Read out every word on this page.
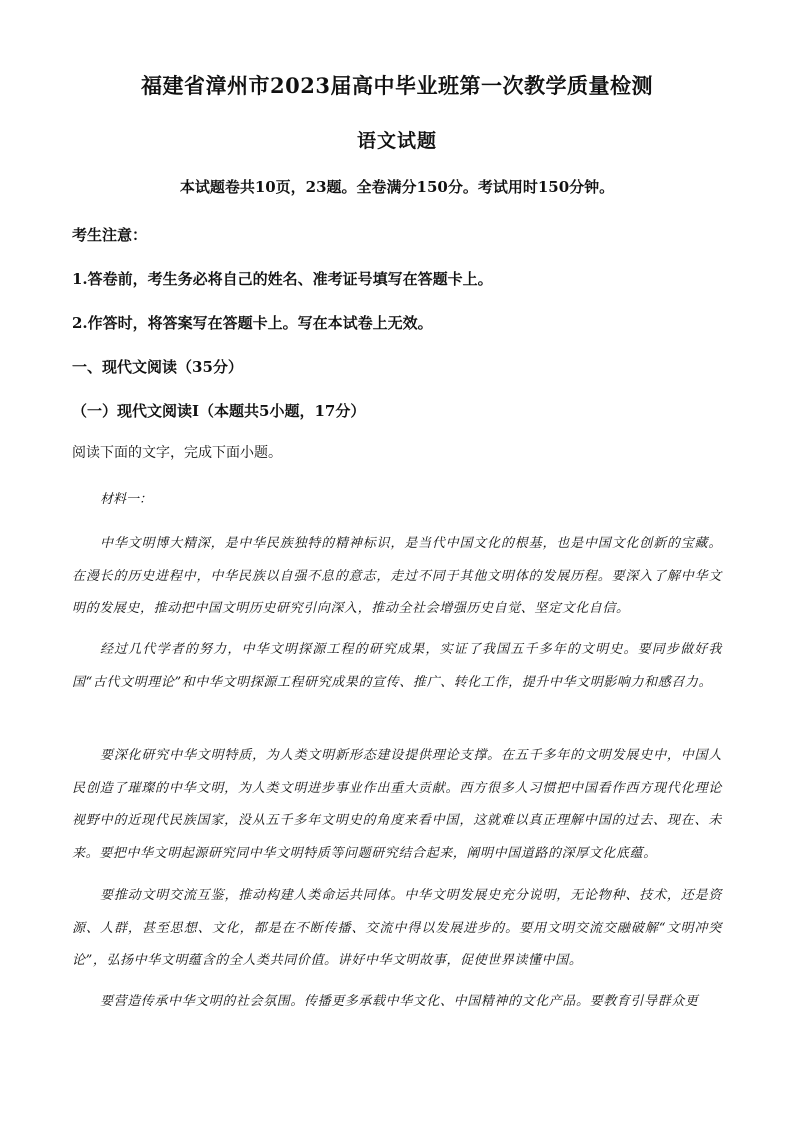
福建省漳州市2023届高中毕业班第一次教学质量检测
语文试题
本试题卷共10页，23题。全卷满分150分。考试用时150分钟。
考生注意：
1.答卷前，考生务必将自己的姓名、准考证号填写在答题卡上。
2.作答时，将答案写在答题卡上。写在本试卷上无效。
一、现代文阅读（35分）
（一）现代文阅读Ⅰ（本题共5小题，17分）
阅读下面的文字，完成下面小题。
材料一：
中华文明博大精深，是中华民族独特的精神标识，是当代中国文化的根基，也是中国文化创新的宝藏。在漫长的历史进程中，中华民族以自强不息的意志，走过不同于其他文明体的发展历程。要深入了解中华文明的发展史，推动把中国文明历史研究引向深入，推动全社会增强历史自觉、坚定文化自信。
经过几代学者的努力，中华文明探源工程的研究成果，实证了我国五千多年的文明史。要同步做好我国“古代文明理论”和中华文明探源工程研究成果的宣传、推广、转化工作，提升中华文明影响力和感召力。
要深化研究中华文明特质，为人类文明新形态建设提供理论支撑。在五千多年的文明发展史中，中国人民创造了璀璨的中华文明，为人类文明进步事业作出重大贡献。西方很多人习惯把中国看作西方现代化理论视野中的近现代民族国家，没从五千多年文明史的角度来看中国，这就难以真正理解中国的过去、现在、未来。要把中华文明起源研究同中华文明特质等问题研究结合起来，阐明中国道路的深厚文化底蕴。
要推动文明交流互鉴，推动构建人类命运共同体。中华文明发展史充分说明，无论物种、技术，还是资源、人群，甚至思想、文化，都是在不断传播、交流中得以发展进步的。要用文明交流交融破解“文明冲突论”，弘扬中华文明蕴含的全人类共同价值。讲好中华文明故事，促使世界读懂中国。
要营造传承中华文明的社会氛围。传播更多承载中华文化、中国精神的文化产品。要教育引导群众更
